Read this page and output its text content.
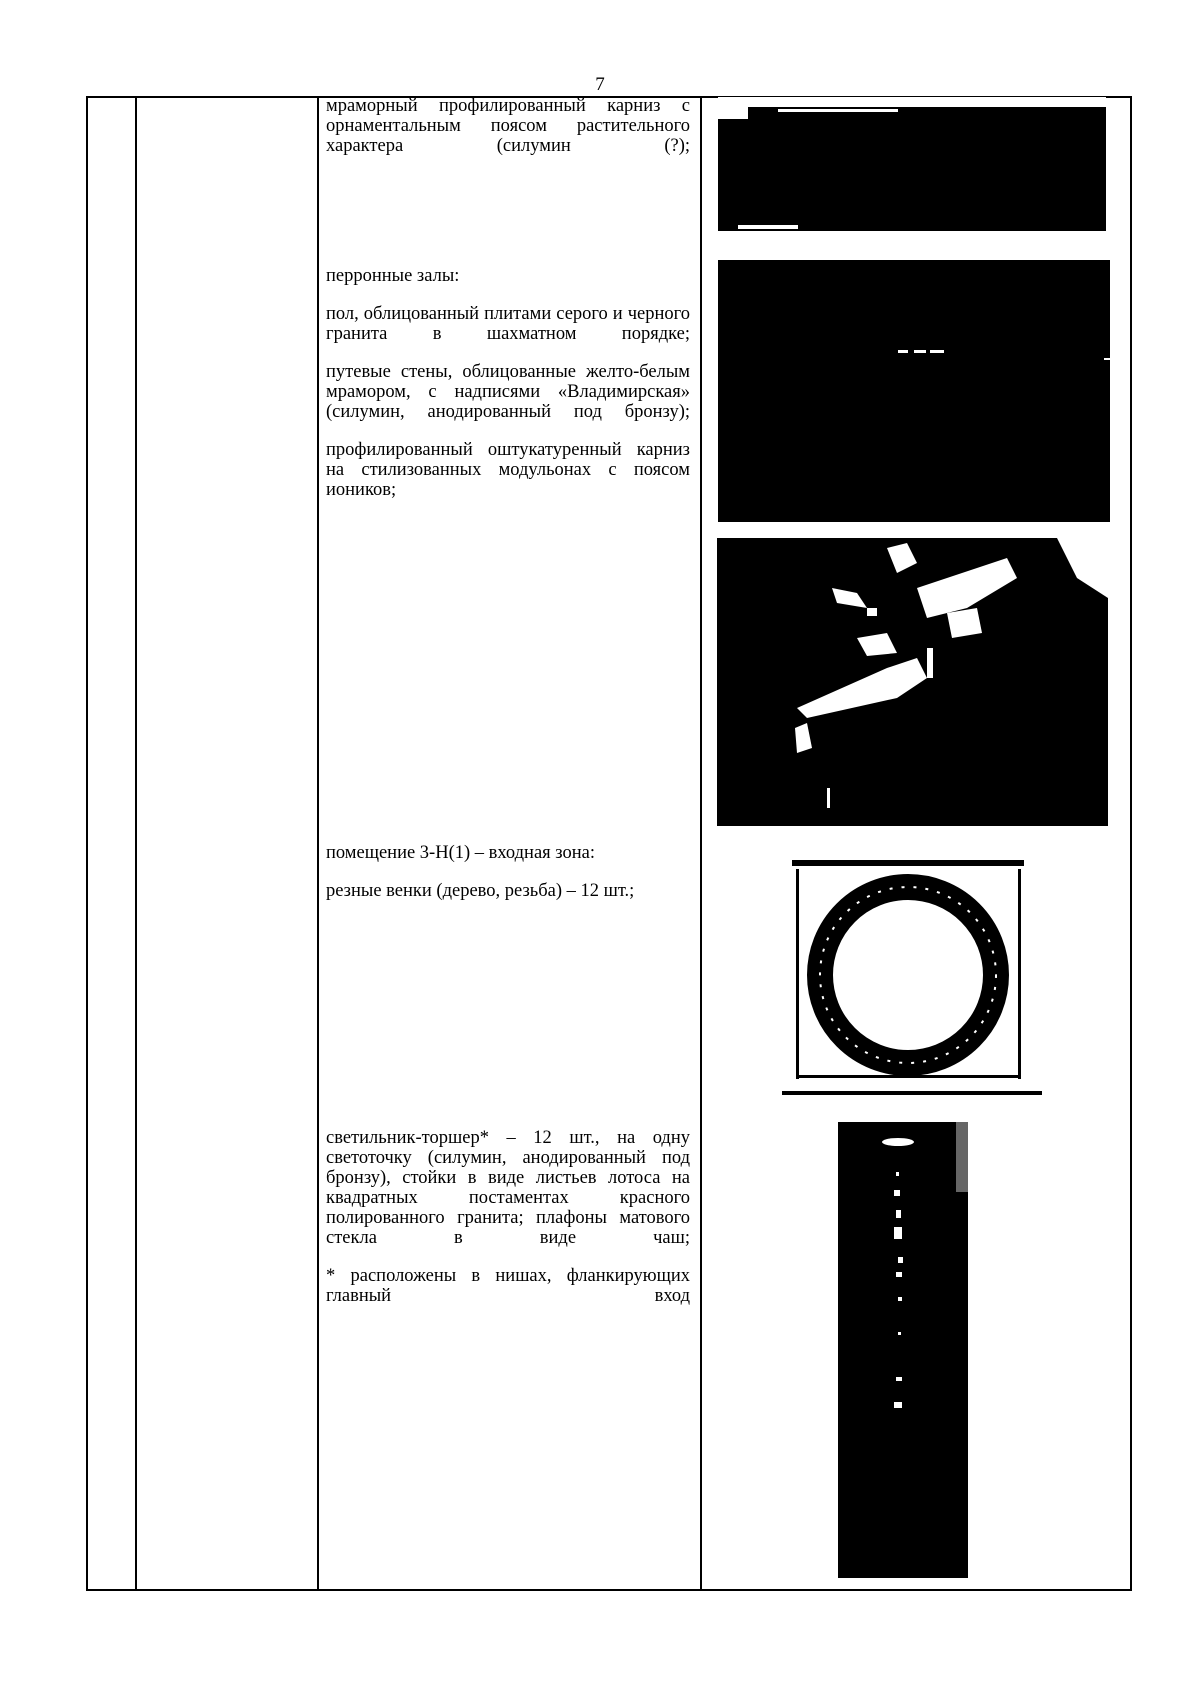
7

мраморный профилированный карниз с орнаментальным поясом растительного характера (силумин (?);

перронные залы:

пол, облицованный плитами серого и черного гранита в шахматном порядке;

путевые стены, облицованные желто-белым мрамором, с надписями «Владимирская» (силумин, анодированный под бронзу);

профилированный оштукатуренный карниз на стилизованных модульонах с поясом иоников;

помещение 3-Н(1) – входная зона:

резные венки (дерево, резьба) – 12 шт.;

светильник-торшер* – 12 шт., на одну светоточку (силумин, анодированный под бронзу), стойки в виде листьев лотоса на квадратных постаментах красного полированного гранита; плафоны матового стекла в виде чаш;

* расположены в нишах, фланкирующих главный вход
